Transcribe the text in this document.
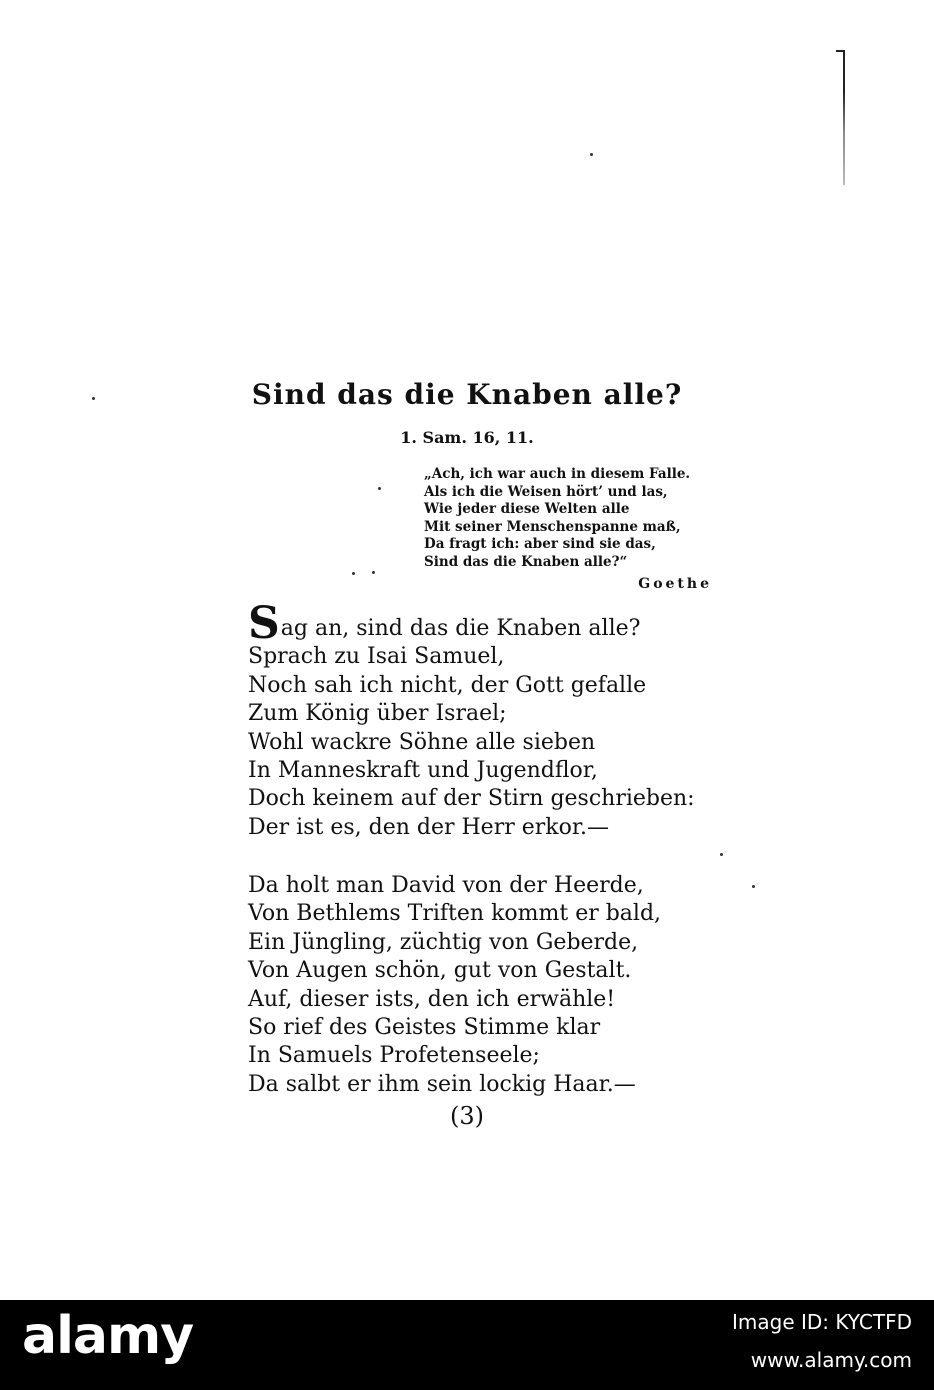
Sind das die Knaben alle?
1. Sam. 16, 11.
„Ach, ich war auch in diesem Falle.
Als ich die Weisen hört’ und las,
Wie jeder diese Welten alle
Mit seiner Menschenspanne maß,
Da fragt ich: aber sind sie das,
Sind das die Knaben alle?“
Goethe
Sag an, sind das die Knaben alle?
Sprach zu Isai Samuel,
Noch sah ich nicht, der Gott gefalle
Zum König über Israel;
Wohl wackre Söhne alle sieben
In Manneskraft und Jugendflor,
Doch keinem auf der Stirn geschrieben:
Der ist es, den der Herr erkor.—
Da holt man David von der Heerde,
Von Bethlems Triften kommt er bald,
Ein Jüngling, züchtig von Geberde,
Von Augen schön, gut von Gestalt.
Auf, dieser ists, den ich erwähle!
So rief des Geistes Stimme klar
In Samuels Profetenseele;
Da salbt er ihm sein lockig Haar.—
(3)
alamy	Image ID: KYCTFD
www.alamy.com
